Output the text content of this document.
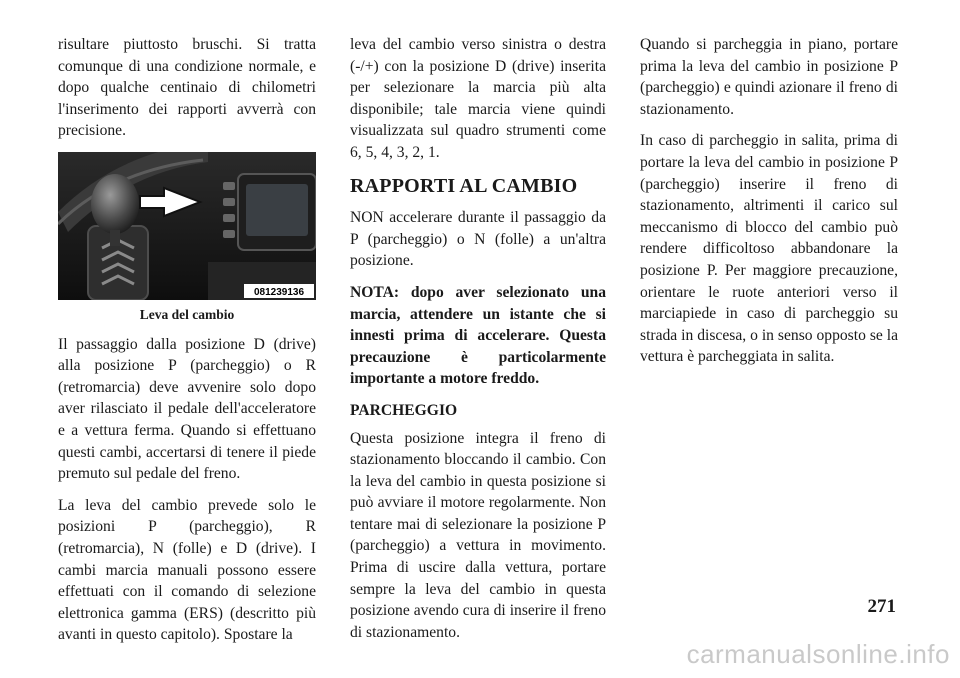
risultare piuttosto bruschi. Si tratta comunque di una condizione normale, e dopo qualche centinaio di chilometri l'inserimento dei rapporti avverrà con precisione.

081239136
Leva del cambio

Il passaggio dalla posizione D (drive) alla posizione P (parcheggio) o R (retromarcia) deve avvenire solo dopo aver rilasciato il pedale dell'acceleratore e a vettura ferma. Quando si effettuano questi cambi, accertarsi di tenere il piede premuto sul pedale del freno.

La leva del cambio prevede solo le posizioni P (parcheggio), R (retromarcia), N (folle) e D (drive). I cambi marcia manuali possono essere effettuati con il comando di selezione elettronica gamma (ERS) (descritto più avanti in questo capitolo). Spostare la

leva del cambio verso sinistra o destra (-/+) con la posizione D (drive) inserita per selezionare la marcia più alta disponibile; tale marcia viene quindi visualizzata sul quadro strumenti come 6, 5, 4, 3, 2, 1.

RAPPORTI AL CAMBIO

NON accelerare durante il passaggio da P (parcheggio) o N (folle) a un'altra posizione.

NOTA: dopo aver selezionato una marcia, attendere un istante che si innesti prima di accelerare. Questa precauzione è particolarmente importante a motore freddo.

PARCHEGGIO

Questa posizione integra il freno di stazionamento bloccando il cambio. Con la leva del cambio in questa posizione si può avviare il motore regolarmente. Non tentare mai di selezionare la posizione P (parcheggio) a vettura in movimento. Prima di uscire dalla vettura, portare sempre la leva del cambio in questa posizione avendo cura di inserire il freno di stazionamento.

Quando si parcheggia in piano, portare prima la leva del cambio in posizione P (parcheggio) e quindi azionare il freno di stazionamento.

In caso di parcheggio in salita, prima di portare la leva del cambio in posizione P (parcheggio) inserire il freno di stazionamento, altrimenti il carico sul meccanismo di blocco del cambio può rendere difficoltoso abbandonare la posizione P. Per maggiore precauzione, orientare le ruote anteriori verso il marciapiede in caso di parcheggio su strada in discesa, o in senso opposto se la vettura è parcheggiata in salita.

271
carmanualsonline.info
